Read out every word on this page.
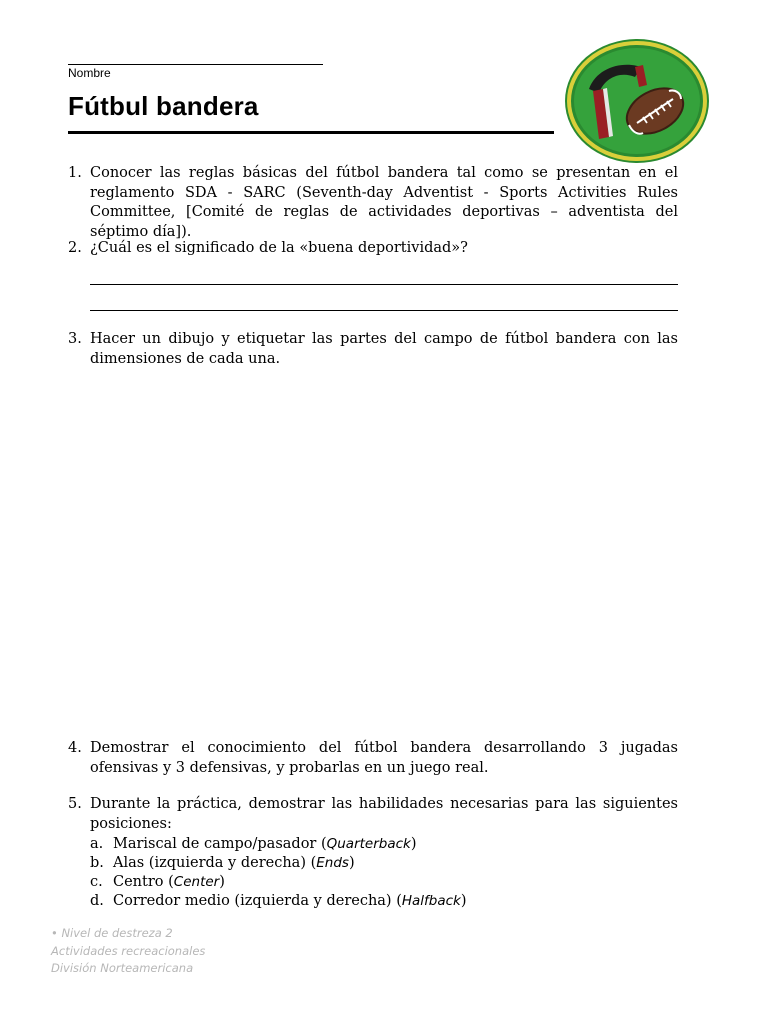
Nombre
Fútbul bandera
1. Conocer las reglas básicas del fútbol bandera tal como se presentan en el reglamento SDA - SARC (Seventh-day Adventist - Sports Activities Rules Committee, [Comité de reglas de actividades deportivas – adventista del séptimo día]).
2. ¿Cuál es el significado de la «buena deportividad»?
3. Hacer un dibujo y etiquetar las partes del campo de fútbol bandera con las dimensiones de cada una.
4. Demostrar el conocimiento del fútbol bandera desarrollando 3 jugadas ofensivas y 3 defensivas, y probarlas en un juego real.
5. Durante la práctica, demostrar las habilidades necesarias para las siguientes posiciones:
a. Mariscal de campo/pasador (Quarterback)
b. Alas (izquierda y derecha) (Ends)
c. Centro (Center)
d. Corredor medio (izquierda y derecha) (Halfback)
• Nivel de destreza 2
Actividades recreacionales
División Norteamericana
